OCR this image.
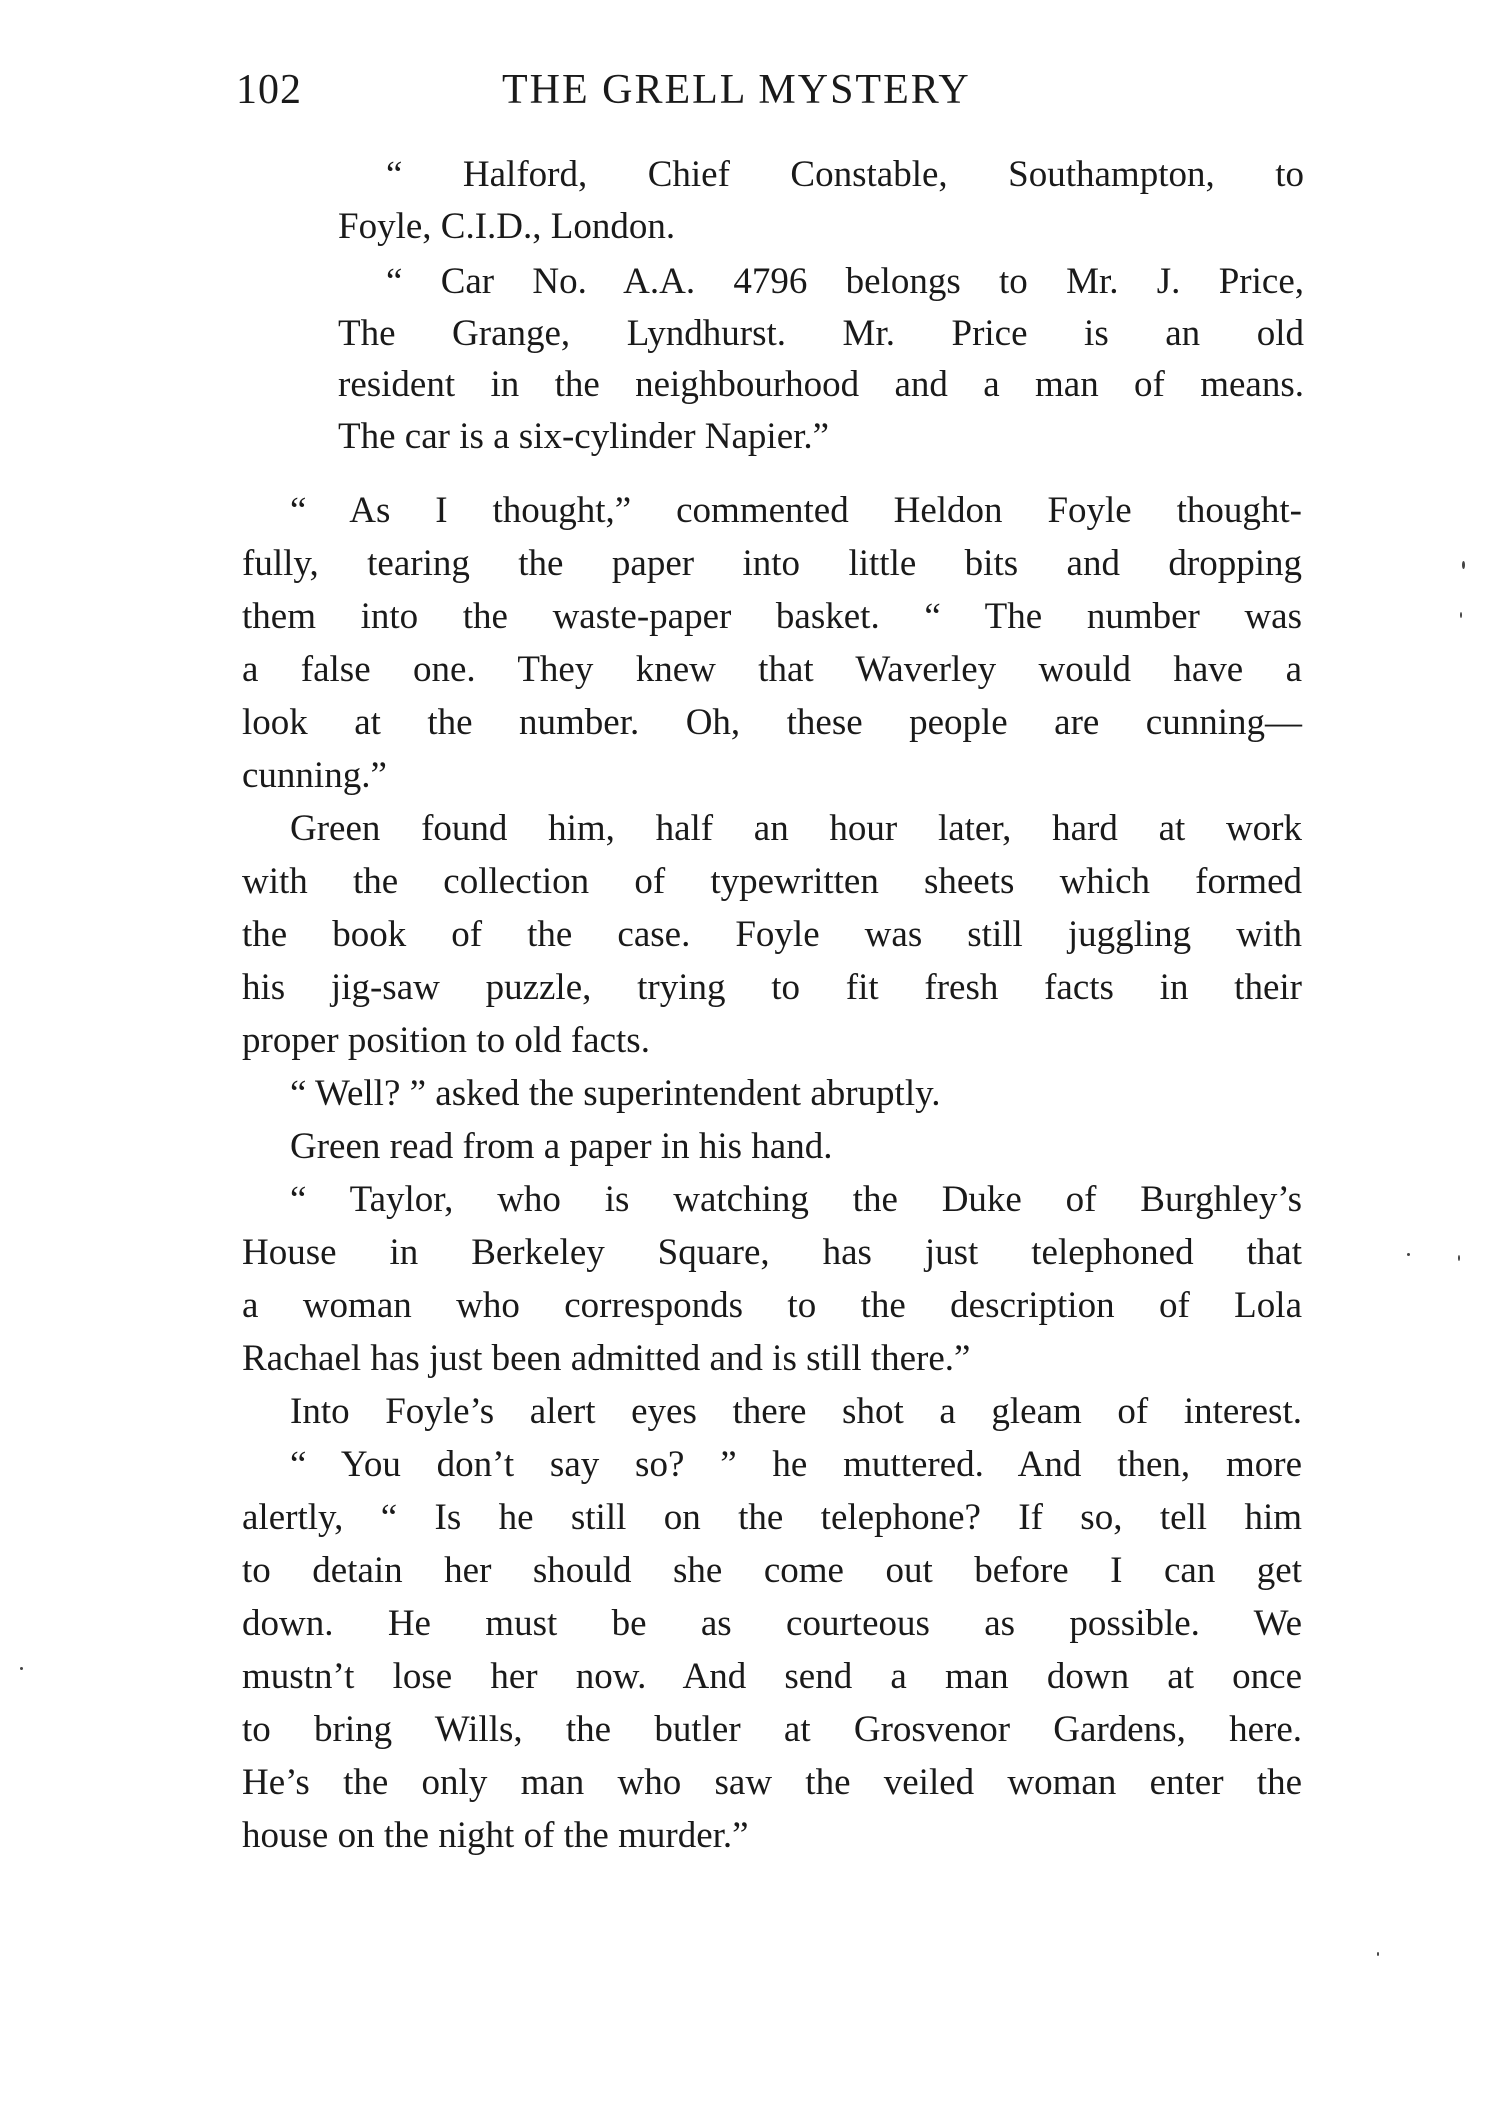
102	THE GRELL MYSTERY
“ Halford, Chief Constable, Southampton, to
Foyle, C.I.D., London.
“ Car No. A.A. 4796 belongs to Mr. J. Price,
The Grange, Lyndhurst. Mr. Price is an old
resident in the neighbourhood and a man of means.
The car is a six-cylinder Napier.”
“ As I thought,” commented Heldon Foyle thought-
fully, tearing the paper into little bits and dropping
them into the waste-paper basket. “ The number was
a false one. They knew that Waverley would have a
look at the number. Oh, these people are cunning—
cunning.”
Green found him, half an hour later, hard at work
with the collection of typewritten sheets which formed
the book of the case. Foyle was still juggling with
his jig-saw puzzle, trying to fit fresh facts in their
proper position to old facts.
“ Well? ” asked the superintendent abruptly.
Green read from a paper in his hand.
“ Taylor, who is watching the Duke of Burghley’s
House in Berkeley Square, has just telephoned that
a woman who corresponds to the description of Lola
Rachael has just been admitted and is still there.”
Into Foyle’s alert eyes there shot a gleam of interest.
“ You don’t say so? ” he muttered. And then, more
alertly, “ Is he still on the telephone? If so, tell him
to detain her should she come out before I can get
down. He must be as courteous as possible. We
mustn’t lose her now. And send a man down at once
to bring Wills, the butler at Grosvenor Gardens, here.
He’s the only man who saw the veiled woman enter the
house on the night of the murder.”
